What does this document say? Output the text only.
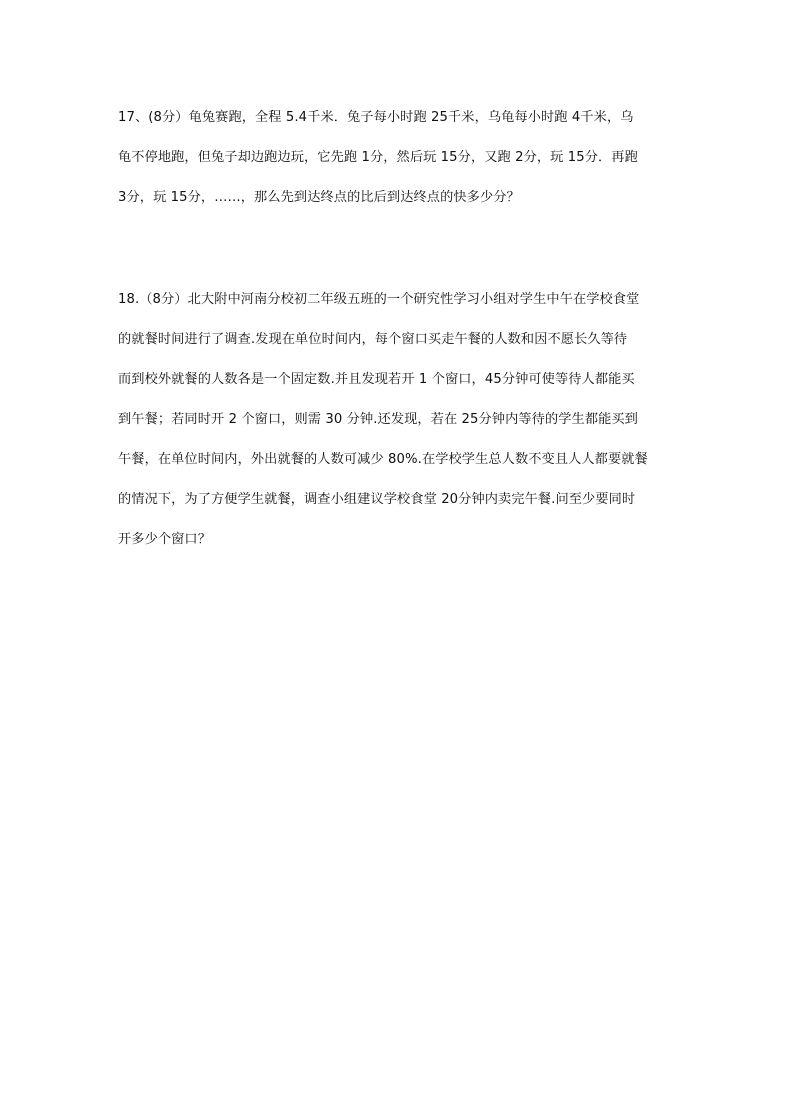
17、(8分）龟兔赛跑，全程 5.4千米．兔子每小时跑 25千米，乌龟每小时跑 4千米，乌
龟不停地跑，但兔子却边跑边玩，它先跑 1分，然后玩 15分，又跑 2分，玩 15分．再跑
3分，玩 15分，……，那么先到达终点的比后到达终点的快多少分？
18.（8分）北大附中河南分校初二年级五班的一个研究性学习小组对学生中午在学校食堂
的就餐时间进行了调查.发现在单位时间内，每个窗口买走午餐的人数和因不愿长久等待
而到校外就餐的人数各是一个固定数.并且发现若开 1 个窗口，45分钟可使等待人都能买
到午餐；若同时开 2 个窗口，则需 30 分钟.还发现，若在 25分钟内等待的学生都能买到
午餐，在单位时间内，外出就餐的人数可减少 80%.在学校学生总人数不变且人人都要就餐
的情况下，为了方便学生就餐，调查小组建议学校食堂 20分钟内卖完午餐.问至少要同时
开多少个窗口？
